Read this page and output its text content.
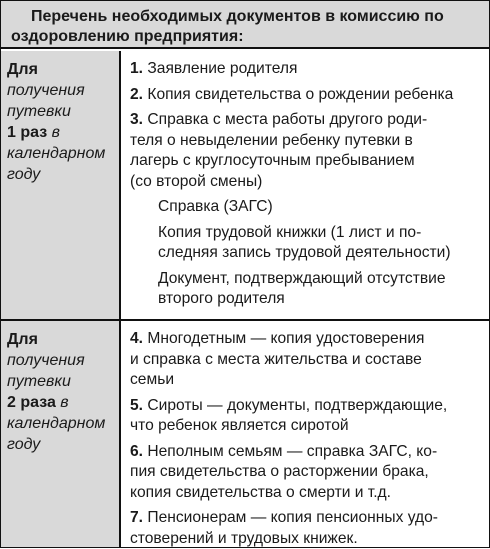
Перечень необходимых документов в комиссию по
оздоровлению предприятия:
Для
получения
путевки
1 раз в
календарном
году
1. Заявление родителя
2. Копия свидетельства о рождении ребенка
3. Справка с места работы другого роди-
теля о невыделении ребенку путевки в
лагерь с круглосуточным пребыванием
(со второй смены)
Справка (ЗАГС)
Копия трудовой книжки (1 лист и по-
следняя запись трудовой деятельности)
Документ, подтверждающий отсутствие
второго родителя
Для
получения
путевки
2 раза в
календарном
году
4. Многодетным — копия удостоверения
и справка с места жительства и составе
семьи
5. Сироты — документы, подтверждающие,
что ребенок является сиротой
6. Неполным семьям — справка ЗАГС, ко-
пия свидетельства о расторжении брака,
копия свидетельства о смерти и т.д.
7. Пенсионерам — копия пенсионных удо-
стоверений и трудовых книжек.
